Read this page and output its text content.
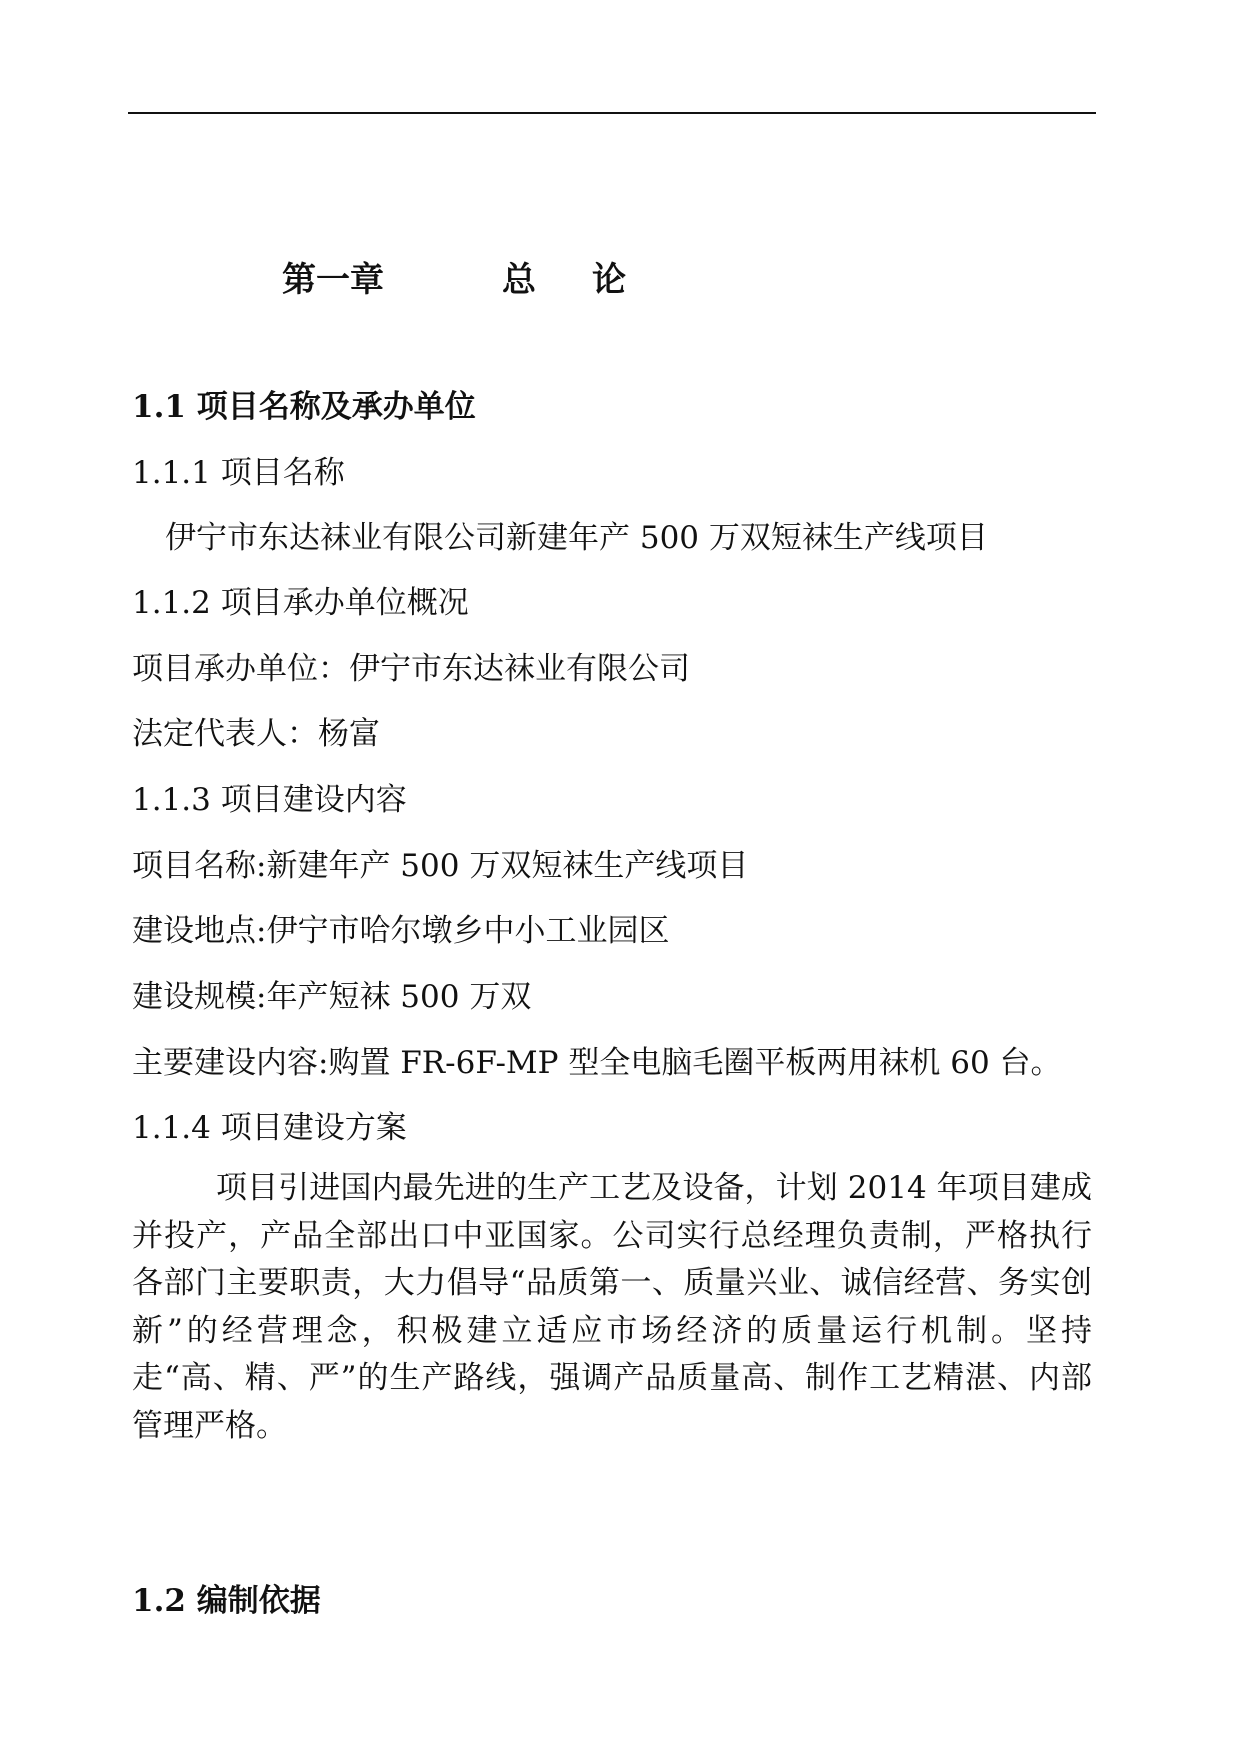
第一章	总 论
1.1 项目名称及承办单位
1.1.1 项目名称
伊宁市东达袜业有限公司新建年产 500 万双短袜生产线项目
1.1.2 项目承办单位概况
项目承办单位：伊宁市东达袜业有限公司
法定代表人：杨富
1.1.3 项目建设内容
项目名称:新建年产 500 万双短袜生产线项目
建设地点:伊宁市哈尔墩乡中小工业园区
建设规模:年产短袜 500 万双
主要建设内容:购置 FR-6F-MP 型全电脑毛圈平板两用袜机 60 台。
1.1.4 项目建设方案

项目引进国内最先进的生产工艺及设备，计划 2014 年项目建成并投产，产品全部出口中亚国家。公司实行总经理负责制，严格执行各部门主要职责，大力倡导“品质第一、质量兴业、诚信经营、务实创新”的经营理念，积极建立适应市场经济的质量运行机制。坚持走“高、精、严”的生产路线，强调产品质量高、制作工艺精湛、内部管理严格。

1.2 编制依据
